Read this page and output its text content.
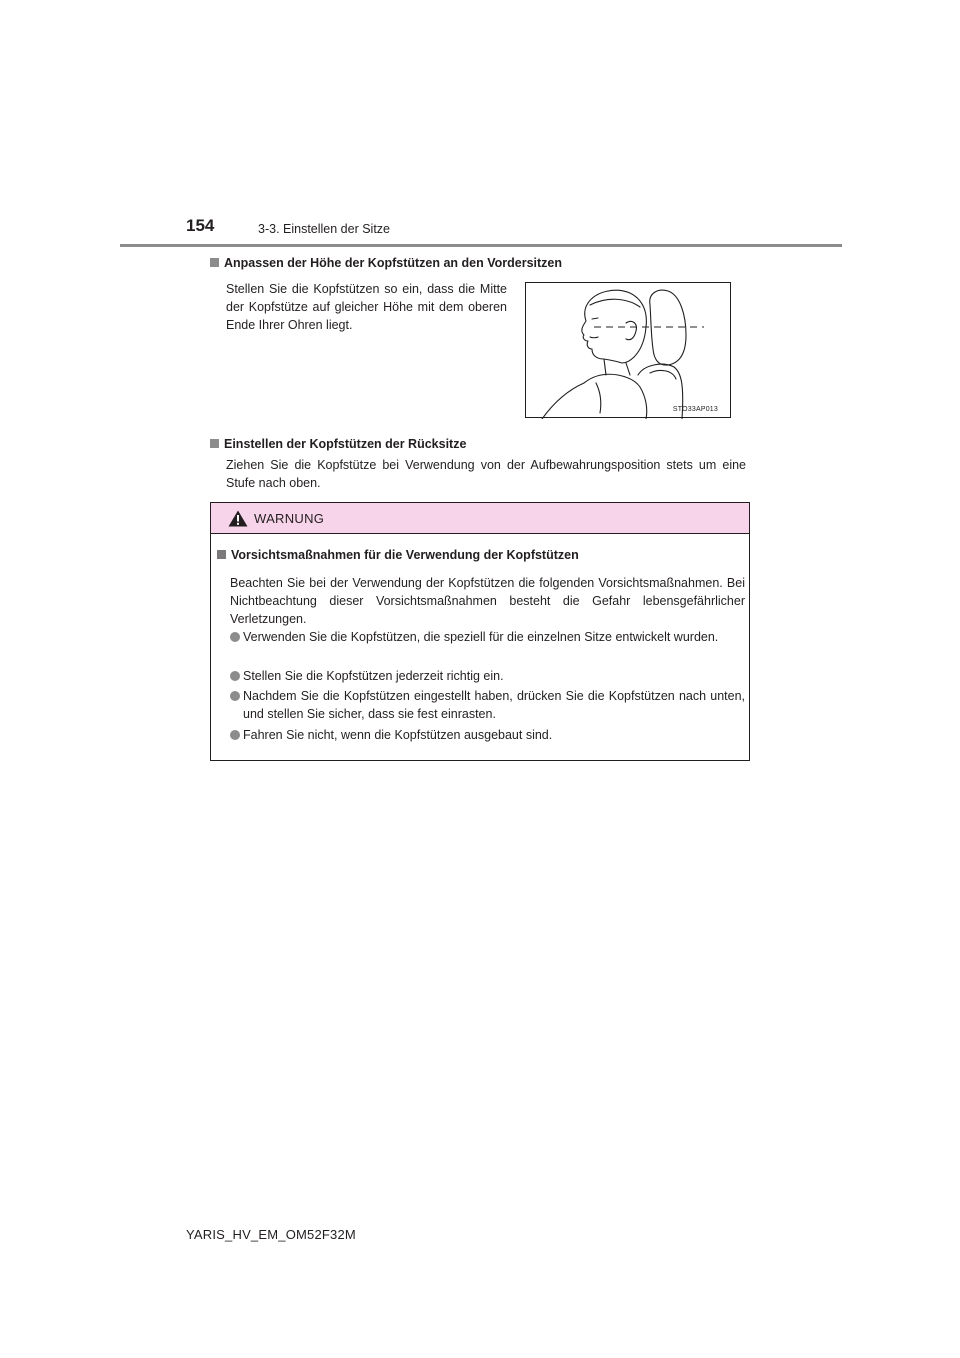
154	3-3. Einstellen der Sitze
Anpassen der Höhe der Kopfstützen an den Vordersitzen
Stellen Sie die Kopfstützen so ein, dass die Mitte der Kopfstütze auf gleicher Höhe mit dem oberen Ende Ihrer Ohren liegt.
STO33AP013
Einstellen der Kopfstützen der Rücksitze
Ziehen Sie die Kopfstütze bei Verwendung von der Aufbewahrungsposition stets um eine Stufe nach oben.
WARNUNG
Vorsichtsmaßnahmen für die Verwendung der Kopfstützen
Beachten Sie bei der Verwendung der Kopfstützen die folgenden Vorsichtsmaßnahmen. Bei Nichtbeachtung dieser Vorsichtsmaßnahmen besteht die Gefahr lebensgefährlicher Verletzungen.
Verwenden Sie die Kopfstützen, die speziell für die einzelnen Sitze entwickelt wurden.
Stellen Sie die Kopfstützen jederzeit richtig ein.
Nachdem Sie die Kopfstützen eingestellt haben, drücken Sie die Kopfstützen nach unten, und stellen Sie sicher, dass sie fest einrasten.
Fahren Sie nicht, wenn die Kopfstützen ausgebaut sind.
YARIS_HV_EM_OM52F32M
